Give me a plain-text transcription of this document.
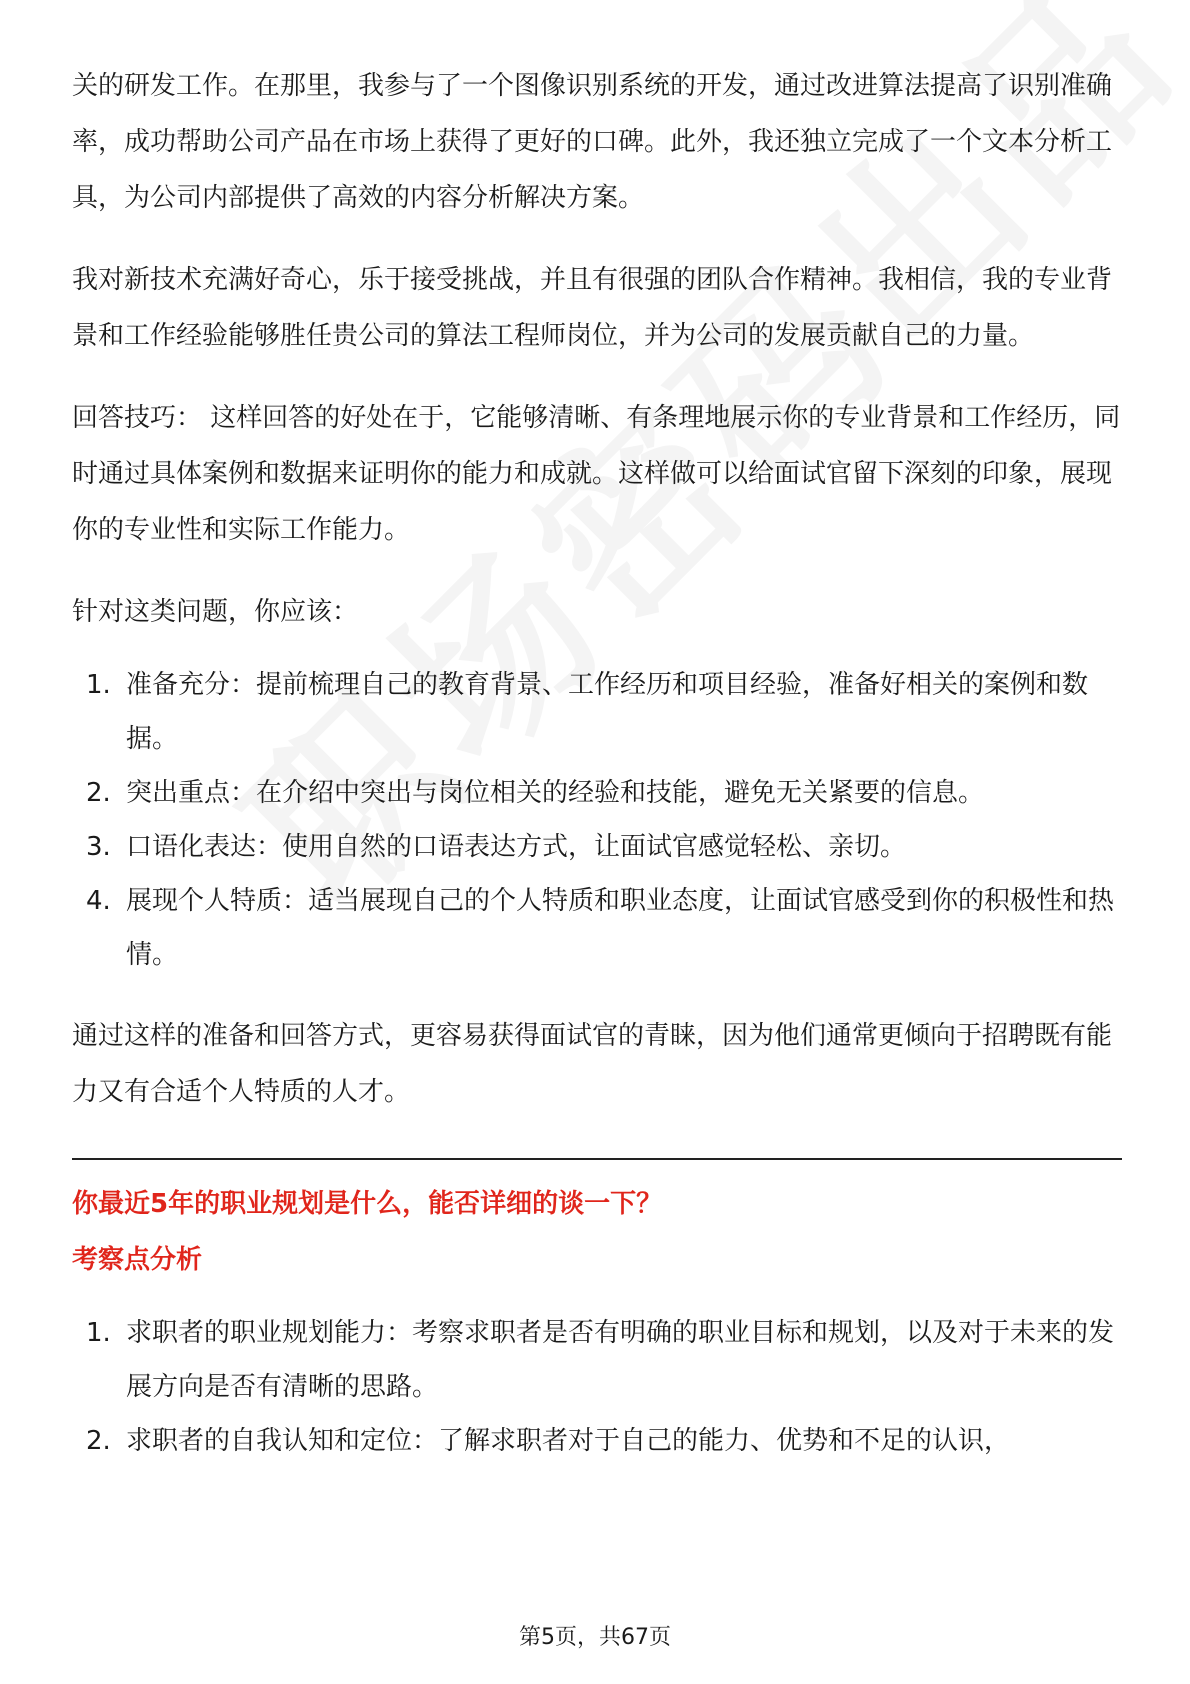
关的研发工作。在那里，我参与了一个图像识别系统的开发，通过改进算法提高了识别准确率，成功帮助公司产品在市场上获得了更好的口碑。此外，我还独立完成了一个文本分析工具，为公司内部提供了高效的内容分析解决方案。

我对新技术充满好奇心，乐于接受挑战，并且有很强的团队合作精神。我相信，我的专业背景和工作经验能够胜任贵公司的算法工程师岗位，并为公司的发展贡献自己的力量。

回答技巧： 这样回答的好处在于，它能够清晰、有条理地展示你的专业背景和工作经历，同时通过具体案例和数据来证明你的能力和成就。这样做可以给面试官留下深刻的印象，展现你的专业性和实际工作能力。

针对这类问题，你应该：

1. 准备充分：提前梳理自己的教育背景、工作经历和项目经验，准备好相关的案例和数据。
2. 突出重点：在介绍中突出与岗位相关的经验和技能，避免无关紧要的信息。
3. 口语化表达：使用自然的口语表达方式，让面试官感觉轻松、亲切。
4. 展现个人特质：适当展现自己的个人特质和职业态度，让面试官感受到你的积极性和热情。

通过这样的准备和回答方式，更容易获得面试官的青睐，因为他们通常更倾向于招聘既有能力又有合适个人特质的人才。

你最近5年的职业规划是什么，能否详细的谈一下？

考察点分析

1. 求职者的职业规划能力：考察求职者是否有明确的职业目标和规划，以及对于未来的发展方向是否有清晰的思路。
2. 求职者的自我认知和定位：了解求职者对于自己的能力、优势和不足的认识，
第5页，共67页
